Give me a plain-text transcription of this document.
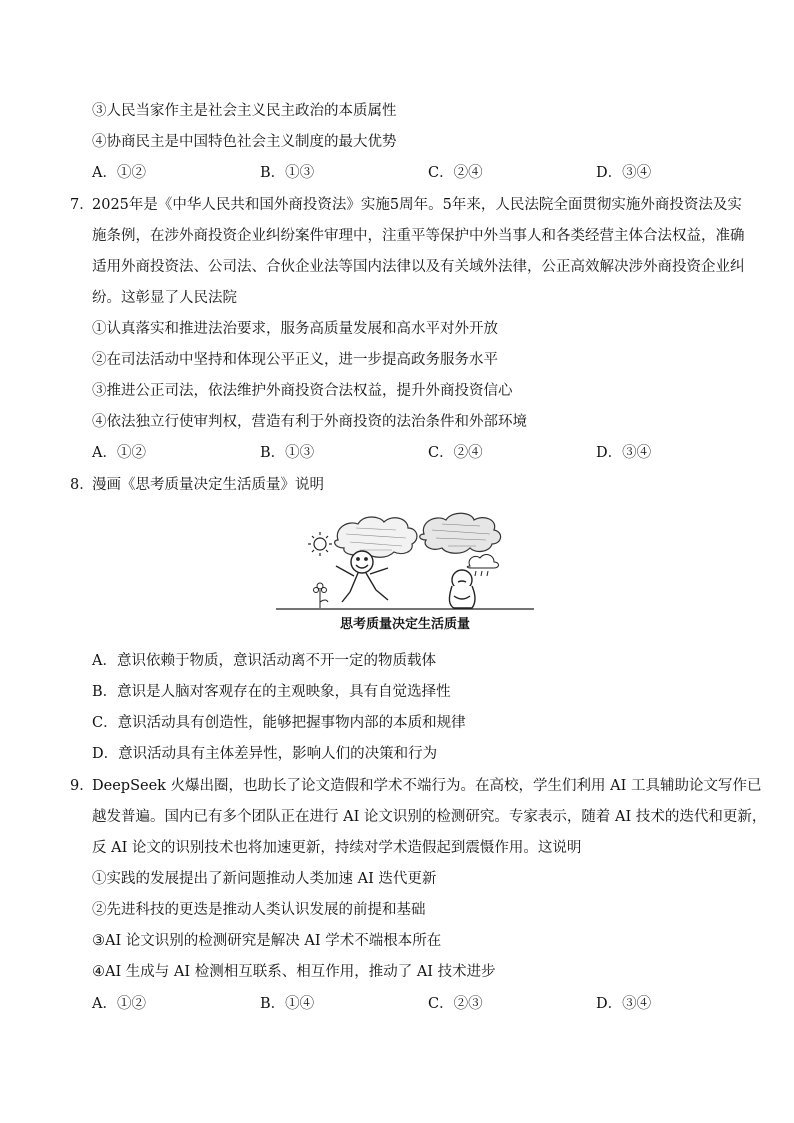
③人民当家作主是社会主义民主政治的本质属性
④协商民主是中国特色社会主义制度的最大优势
A．①②	B．①③	C．②④	D．③④
7．
2025年是《中华人民共和国外商投资法》实施5周年。5年来，人民法院全面贯彻实施外商投资法及实
施条例，在涉外商投资企业纠纷案件审理中，注重平等保护中外当事人和各类经营主体合法权益，准确
适用外商投资法、公司法、合伙企业法等国内法律以及有关域外法律，公正高效解决涉外商投资企业纠
纷。这彰显了人民法院
①认真落实和推进法治要求，服务高质量发展和高水平对外开放
②在司法活动中坚持和体现公平正义，进一步提高政务服务水平
③推进公正司法，依法维护外商投资合法权益，提升外商投资信心
④依法独立行使审判权，营造有利于外商投资的法治条件和外部环境
A．①②	B．①③	C．②④	D．③④
8．
漫画《思考质量决定生活质量》说明
思考质量决定生活质量
A．意识依赖于物质，意识活动离不开一定的物质载体
B．意识是人脑对客观存在的主观映象，具有自觉选择性
C．意识活动具有创造性，能够把握事物内部的本质和规律
D．意识活动具有主体差异性，影响人们的决策和行为
9．
DeepSeek 火爆出圈，也助长了论文造假和学术不端行为。在高校，学生们利用 AI 工具辅助论文写作已
越发普遍。国内已有多个团队正在进行 AI 论文识别的检测研究。专家表示，随着 AI 技术的迭代和更新，
反 AI 论文的识别技术也将加速更新，持续对学术造假起到震慑作用。这说明
①实践的发展提出了新问题推动人类加速 AI 迭代更新
②先进科技的更迭是推动人类认识发展的前提和基础
③AI 论文识别的检测研究是解决 AI 学术不端根本所在
④AI 生成与 AI 检测相互联系、相互作用，推动了 AI 技术进步
A．①②	B．①④	C．②③	D．③④
